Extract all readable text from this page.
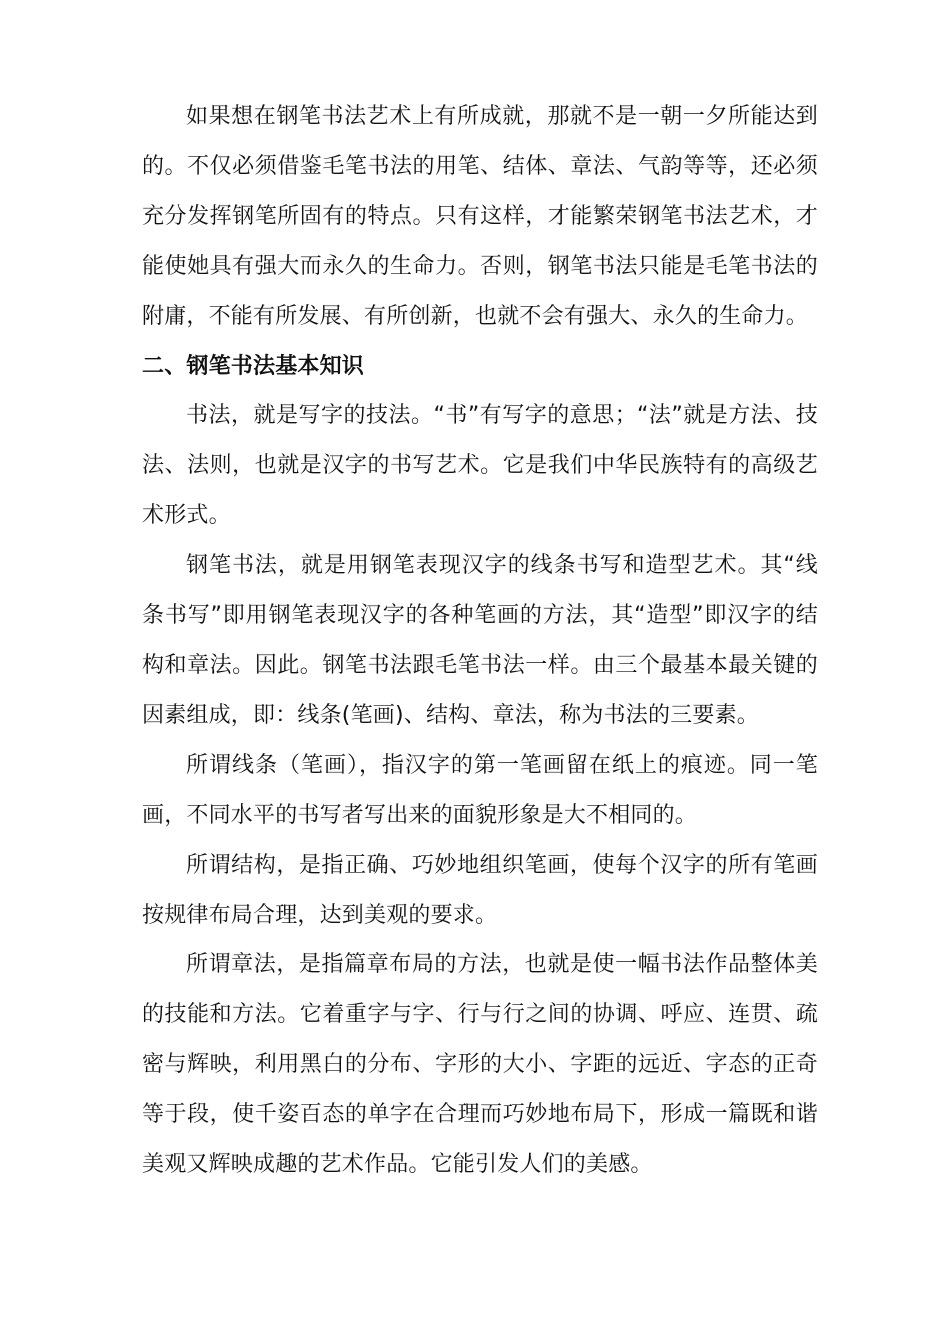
如果想在钢笔书法艺术上有所成就，那就不是一朝一夕所能达到的。不仅必须借鉴毛笔书法的用笔、结体、章法、气韵等等，还必须充分发挥钢笔所固有的特点。只有这样，才能繁荣钢笔书法艺术，才能使她具有强大而永久的生命力。否则，钢笔书法只能是毛笔书法的附庸，不能有所发展、有所创新，也就不会有强大、永久的生命力。

二、钢笔书法基本知识

书法，就是写字的技法。“书”有写字的意思；“法”就是方法、技法、法则，也就是汉字的书写艺术。它是我们中华民族特有的高级艺术形式。

钢笔书法，就是用钢笔表现汉字的线条书写和造型艺术。其“线条书写”即用钢笔表现汉字的各种笔画的方法，其“造型”即汉字的结构和章法。因此。钢笔书法跟毛笔书法一样。由三个最基本最关键的因素组成，即：线条(笔画)、结构、章法，称为书法的三要素。

所谓线条（笔画），指汉字的第一笔画留在纸上的痕迹。同一笔画，不同水平的书写者写出来的面貌形象是大不相同的。

所谓结构，是指正确、巧妙地组织笔画，使每个汉字的所有笔画按规律布局合理，达到美观的要求。

所谓章法，是指篇章布局的方法，也就是使一幅书法作品整体美的技能和方法。它着重字与字、行与行之间的协调、呼应、连贯、疏密与辉映，利用黑白的分布、字形的大小、字距的远近、字态的正奇等于段，使千姿百态的单字在合理而巧妙地布局下，形成一篇既和谐美观又辉映成趣的艺术作品。它能引发人们的美感。
